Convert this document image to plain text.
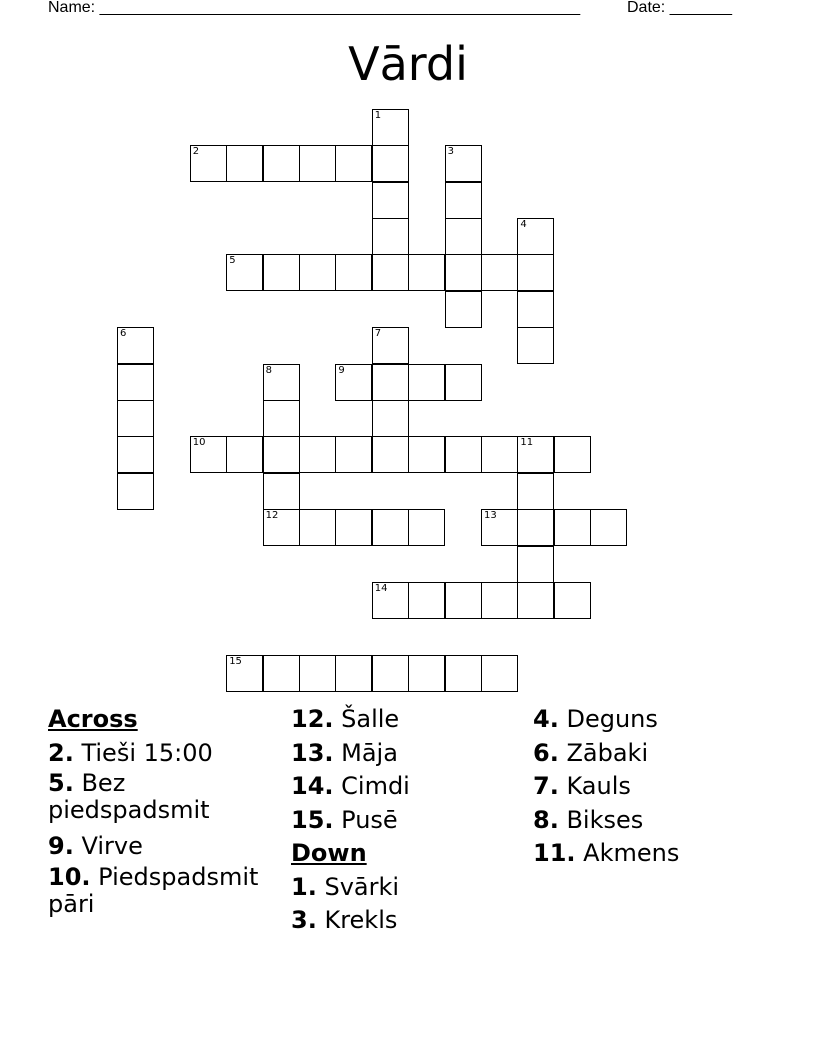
Name: ______________________________________________________	Date: _______
Vārdi
2
1
3
4
5
6	7
8	9
10	11
12	13
14
15
Across
2. Tieši 15:00
5. Bez piedspadsmit
9. Virve
10. Piedspadsmit pāri
12. Šalle
13. Māja
14. Cimdi
15. Pusē
Down
1. Svārki
3. Krekls
4. Deguns
6. Zābaki
7. Kauls
8. Bikses
11. Akmens
